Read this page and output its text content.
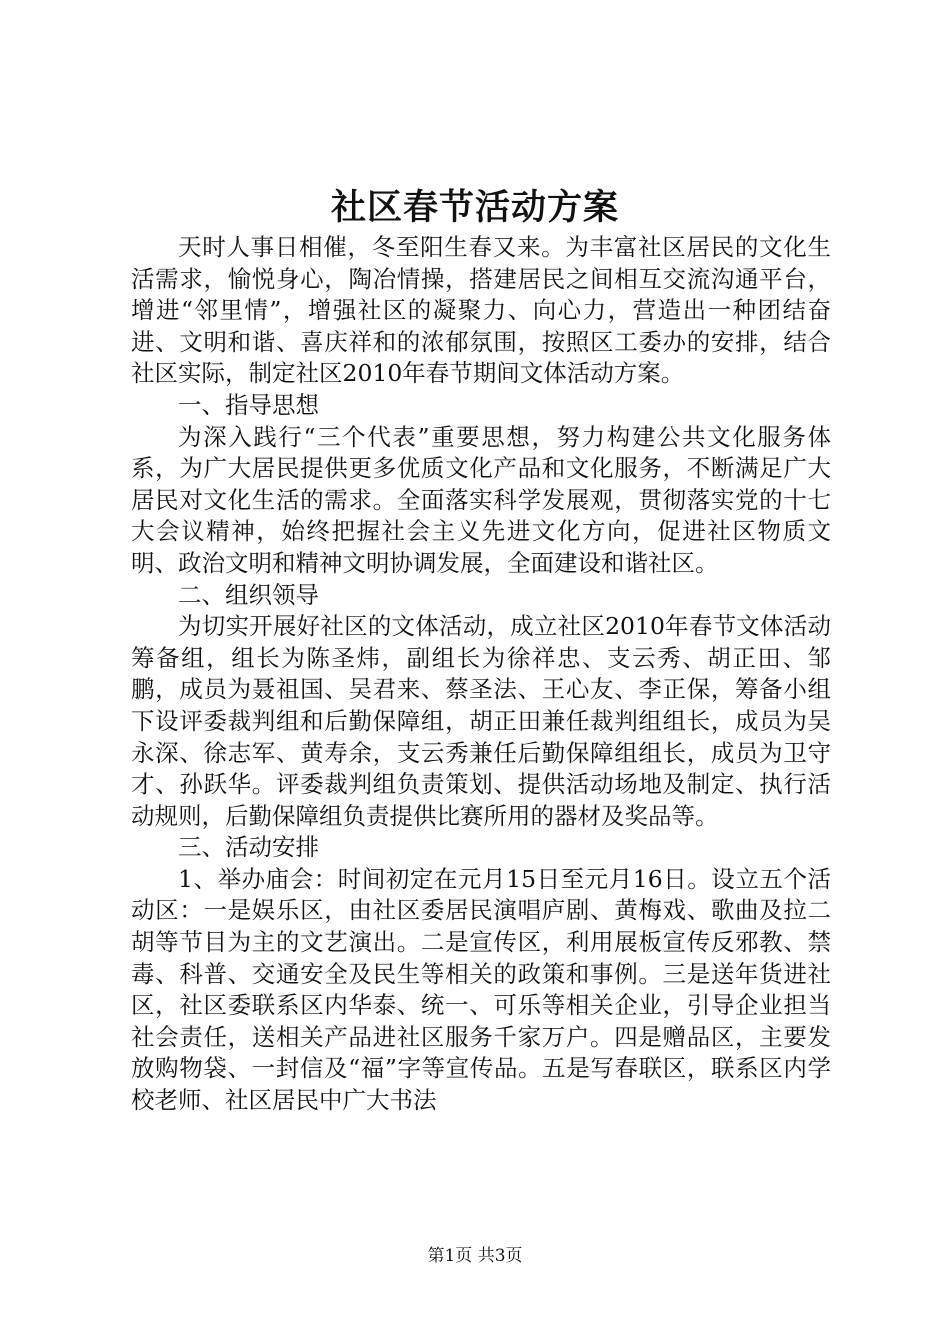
社区春节活动方案

天时人事日相催，冬至阳生春又来。为丰富社区居民的文化生活需求，愉悦身心，陶冶情操，搭建居民之间相互交流沟通平台，增进“邻里情”，增强社区的凝聚力、向心力，营造出一种团结奋进、文明和谐、喜庆祥和的浓郁氛围，按照区工委办的安排，结合社区实际，制定社区2010年春节期间文体活动方案。

一、指导思想

为深入践行“三个代表”重要思想，努力构建公共文化服务体系，为广大居民提供更多优质文化产品和文化服务，不断满足广大居民对文化生活的需求。全面落实科学发展观，贯彻落实党的十七大会议精神，始终把握社会主义先进文化方向，促进社区物质文明、政治文明和精神文明协调发展，全面建设和谐社区。

二、组织领导

为切实开展好社区的文体活动，成立社区2010年春节文体活动筹备组，组长为陈圣炜，副组长为徐祥忠、支云秀、胡正田、邹鹏，成员为聂祖国、吴君来、蔡圣法、王心友、李正保，筹备小组下设评委裁判组和后勤保障组，胡正田兼任裁判组组长，成员为吴永深、徐志军、黄寿余，支云秀兼任后勤保障组组长，成员为卫守才、孙跃华。评委裁判组负责策划、提供活动场地及制定、执行活动规则，后勤保障组负责提供比赛所用的器材及奖品等。

三、活动安排

1、举办庙会：时间初定在元月15日至元月16日。设立五个活动区：一是娱乐区，由社区委居民演唱庐剧、黄梅戏、歌曲及拉二胡等节目为主的文艺演出。二是宣传区，利用展板宣传反邪教、禁毒、科普、交通安全及民生等相关的政策和事例。三是送年货进社区，社区委联系区内华泰、统一、可乐等相关企业，引导企业担当社会责任，送相关产品进社区服务千家万户。四是赠品区，主要发放购物袋、一封信及“福”字等宣传品。五是写春联区，联系区内学校老师、社区居民中广大书法

第1页 共3页
